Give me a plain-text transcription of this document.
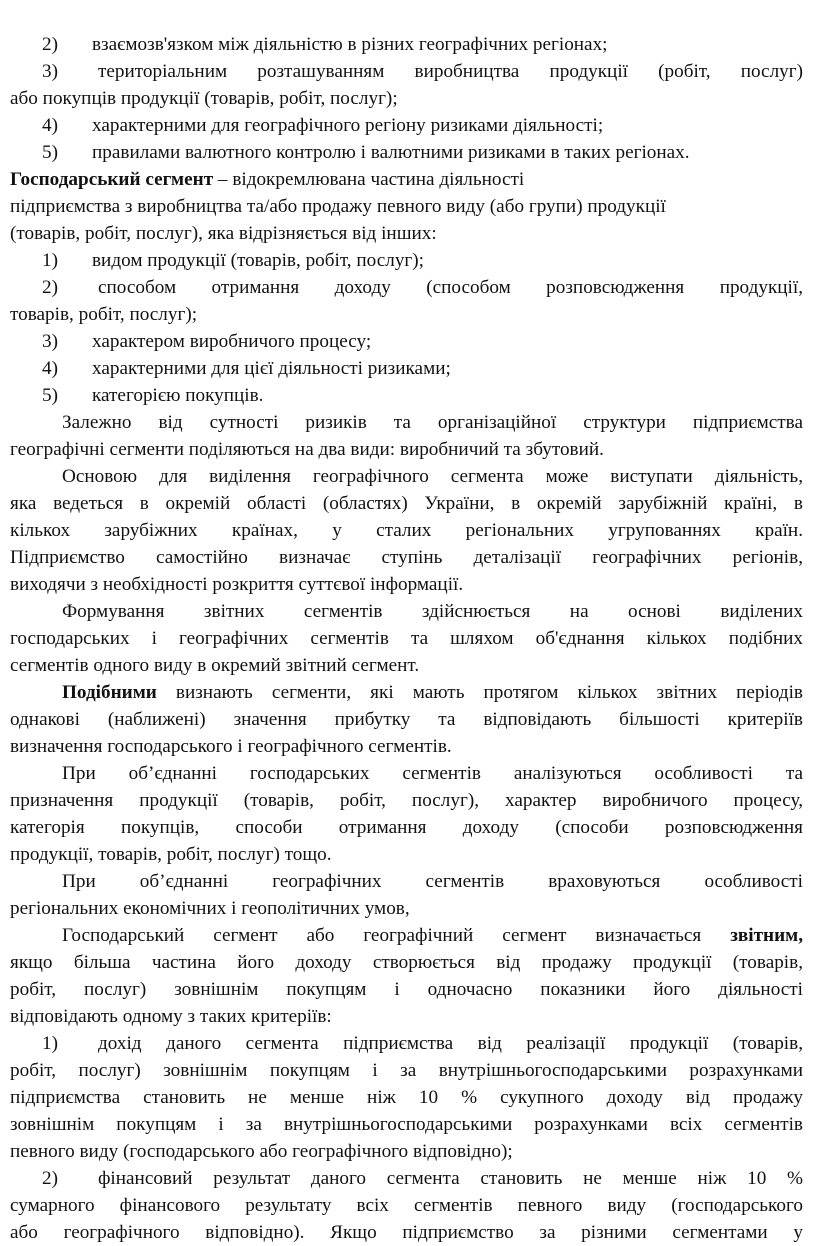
2)	взаємозв'язком між діяльністю в різних географічних регіонах;
3)	територіальним розташуванням виробництва продукції (робіт, послуг)
або покупців продукції (товарів, робіт, послуг);
4)	характерними для географічного регіону ризиками діяльності;
5)	правилами валютного контролю і валютними ризиками в таких регіонах.
Господарський сегмент – відокремлювана частина діяльності
підприємства з виробництва та/або продажу певного виду (або групи) продукції
(товарів, робіт, послуг), яка відрізняється від інших:
1)	видом продукції (товарів, робіт, послуг);
2)	способом отримання доходу (способом розповсюдження продукції,
товарів, робіт, послуг);
3)	характером виробничого процесу;
4)	характерними для цієї діяльності ризиками;
5)	категорією покупців.
Залежно від сутності ризиків та організаційної структури підприємства
географічні сегменти поділяються на два види: виробничий та збутовий.
Основою для виділення географічного сегмента може виступати діяльність,
яка ведеться в окремій області (областях) України, в окремій зарубіжній країні, в
кількох зарубіжних країнах, у сталих регіональних угрупованнях країн.
Підприємство самостійно визначає ступінь деталізації географічних регіонів,
виходячи з необхідності розкриття суттєвої інформації.
Формування звітних сегментів здійснюється на основі виділених
господарських і географічних сегментів та шляхом об'єднання кількох подібних
сегментів одного виду в окремий звітний сегмент.
Подібними визнають сегменти, які мають протягом кількох звітних періодів
однакові (наближені) значення прибутку та відповідають більшості критеріїв
визначення господарського і географічного сегментів.
При об’єднанні господарських сегментів аналізуються особливості та
призначення продукції (товарів, робіт, послуг), характер виробничого процесу,
категорія покупців, способи отримання доходу (способи розповсюдження
продукції, товарів, робіт, послуг) тощо.
При об’єднанні географічних сегментів враховуються особливості
регіональних економічних і геополітичних умов,
Господарський сегмент або географічний сегмент визначається звітним,
якщо більша частина його доходу створюється від продажу продукції (товарів,
робіт, послуг) зовнішнім покупцям і одночасно показники його діяльності
відповідають одному з таких критеріїв:
1)	дохід даного сегмента підприємства від реалізації продукції (товарів,
робіт, послуг) зовнішнім покупцям і за внутрішньогосподарськими розрахунками
підприємства становить не менше ніж 10 % сукупного доходу від продажу
зовнішнім покупцям і за внутрішньогосподарськими розрахунками всіх сегментів
певного виду (господарського або географічного відповідно);
2)	фінансовий результат даного сегмента становить не менше ніж 10 %
сумарного фінансового результату всіх сегментів певного виду (господарського
або географічного відповідно). Якщо підприємство за різними сегментами у
